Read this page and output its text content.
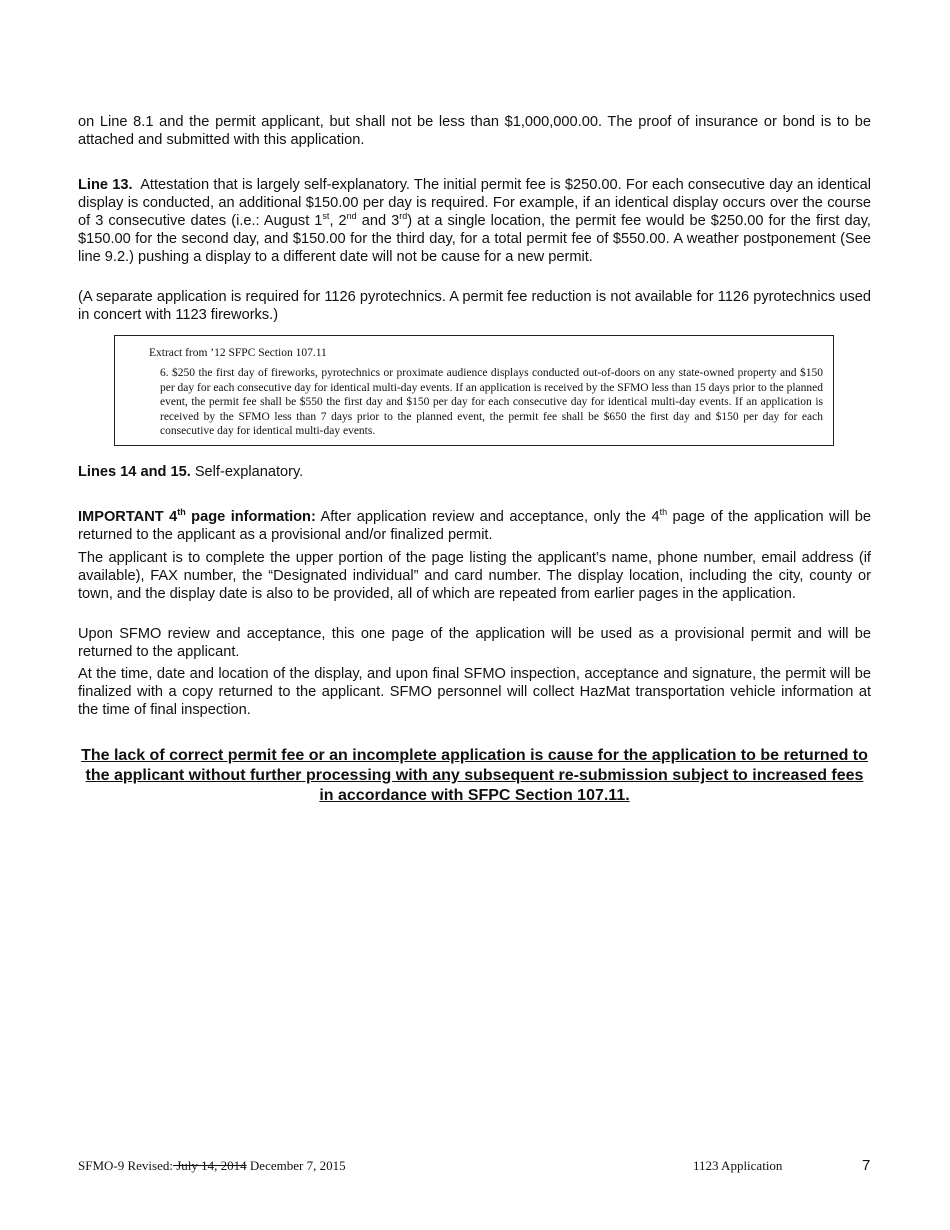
on Line 8.1 and the permit applicant, but shall not be less than $1,000,000.00. The proof of insurance or bond is to be attached and submitted with this application.

Line 13. Attestation that is largely self-explanatory. The initial permit fee is $250.00. For each consecutive day an identical display is conducted, an additional $150.00 per day is required. For example, if an identical display occurs over the course of 3 consecutive dates (i.e.: August 1st, 2nd and 3rd) at a single location, the permit fee would be $250.00 for the first day, $150.00 for the second day, and $150.00 for the third day, for a total permit fee of $550.00. A weather postponement (See line 9.2.) pushing a display to a different date will not be cause for a new permit.

(A separate application is required for 1126 pyrotechnics. A permit fee reduction is not available for 1126 pyrotechnics used in concert with 1123 fireworks.)

Extract from ’12 SFPC Section 107.11

6. $250 the first day of fireworks, pyrotechnics or proximate audience displays conducted out-of-doors on any state-owned property and $150 per day for each consecutive day for identical multi-day events. If an application is received by the SFMO less than 15 days prior to the planned event, the permit fee shall be $550 the first day and $150 per day for each consecutive day for identical multi-day events. If an application is received by the SFMO less than 7 days prior to the planned event, the permit fee shall be $650 the first day and $150 per day for each consecutive day for identical multi-day events.

Lines 14 and 15. Self-explanatory.

IMPORTANT 4th page information: After application review and acceptance, only the 4th page of the application will be returned to the applicant as a provisional and/or finalized permit.

The applicant is to complete the upper portion of the page listing the applicant’s name, phone number, email address (if available), FAX number, the “Designated individual” and card number. The display location, including the city, county or town, and the display date is also to be provided, all of which are repeated from earlier pages in the application.

Upon SFMO review and acceptance, this one page of the application will be used as a provisional permit and will be returned to the applicant.

At the time, date and location of the display, and upon final SFMO inspection, acceptance and signature, the permit will be finalized with a copy returned to the applicant. SFMO personnel will collect HazMat transportation vehicle information at the time of final inspection.

The lack of correct permit fee or an incomplete application is cause for the application to be returned to the applicant without further processing with any subsequent re-submission subject to increased fees in accordance with SFPC Section 107.11.

SFMO-9 Revised: July 14, 2014 December 7, 2015	1123 Application	7
